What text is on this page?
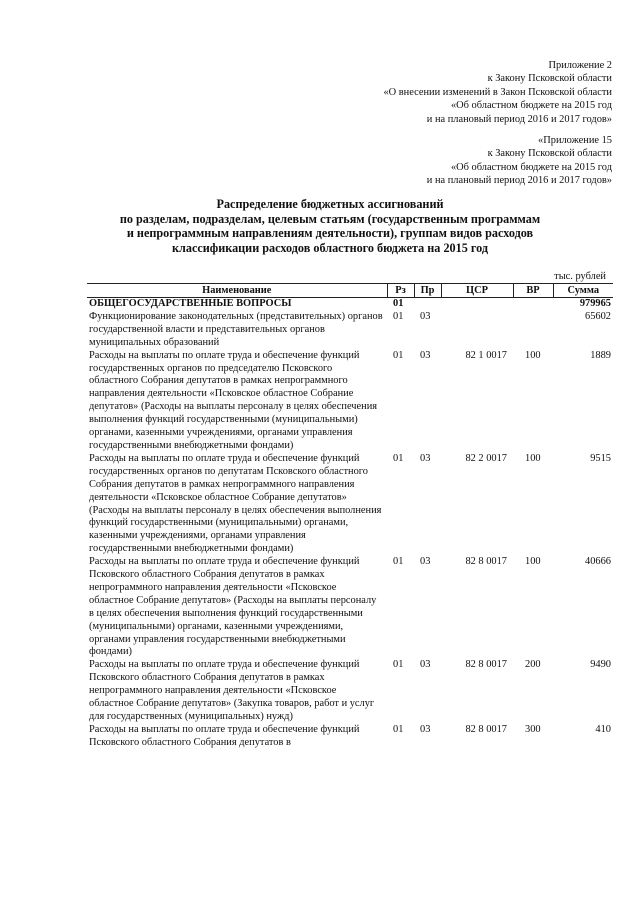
Приложение 2
к Закону Псковской области
«О внесении изменений в Закон Псковской области
«Об областном бюджете на 2015 год
и на плановый период 2016 и 2017 годов»
«Приложение 15
к Закону Псковской области
«Об областном бюджете на 2015 год
и на плановый период 2016 и 2017 годов»
Распределение бюджетных ассигнований
по разделам, подразделам, целевым статьям (государственным программам
и непрограммным направлениям деятельности), группам видов расходов
классификации расходов областного бюджета на 2015 год
тыс. рублей
Наименование	Рз	Пр	ЦСР	ВР	Сумма
ОБЩЕГОСУДАРСТВЕННЫЕ ВОПРОСЫ	01				979965
Функционирование законодательных (представительных) органов государственной власти и представительных органов муниципальных образований	01	03			65602
Расходы на выплаты по оплате труда и обеспечение функций государственных органов по председателю Псковского областного Собрания депутатов в рамках непрограммного направления деятельности «Псковское областное Собрание депутатов» (Расходы на выплаты персоналу в целях обеспечения выполнения функций государственными (муниципальными) органами, казенными учреждениями, органами управления государственными внебюджетными фондами)	01	03	82 1 0017	100	1889
Расходы на выплаты по оплате труда и обеспечение функций государственных органов по депутатам Псковского областного Собрания депутатов в рамках непрограммного направления деятельности «Псковское областное Собрание депутатов» (Расходы на выплаты персоналу в целях обеспечения выполнения функций государственными (муниципальными) органами, казенными учреждениями, органами управления государственными внебюджетными фондами)	01	03	82 2 0017	100	9515
Расходы на выплаты по оплате труда и обеспечение функций Псковского областного Собрания депутатов в рамках непрограммного направления деятельности «Псковское областное Собрание депутатов» (Расходы на выплаты персоналу в целях обеспечения выполнения функций государственными (муниципальными) органами, казенными учреждениями, органами управления государственными внебюджетными фондами)	01	03	82 8 0017	100	40666
Расходы на выплаты по оплате труда и обеспечение функций Псковского областного Собрания депутатов в рамках непрограммного направления деятельности «Псковское областное Собрание депутатов» (Закупка товаров, работ и услуг для государственных (муниципальных) нужд)	01	03	82 8 0017	200	9490
Расходы на выплаты по оплате труда и обеспечение функций Псковского областного Собрания депутатов в	01	03	82 8 0017	300	410
